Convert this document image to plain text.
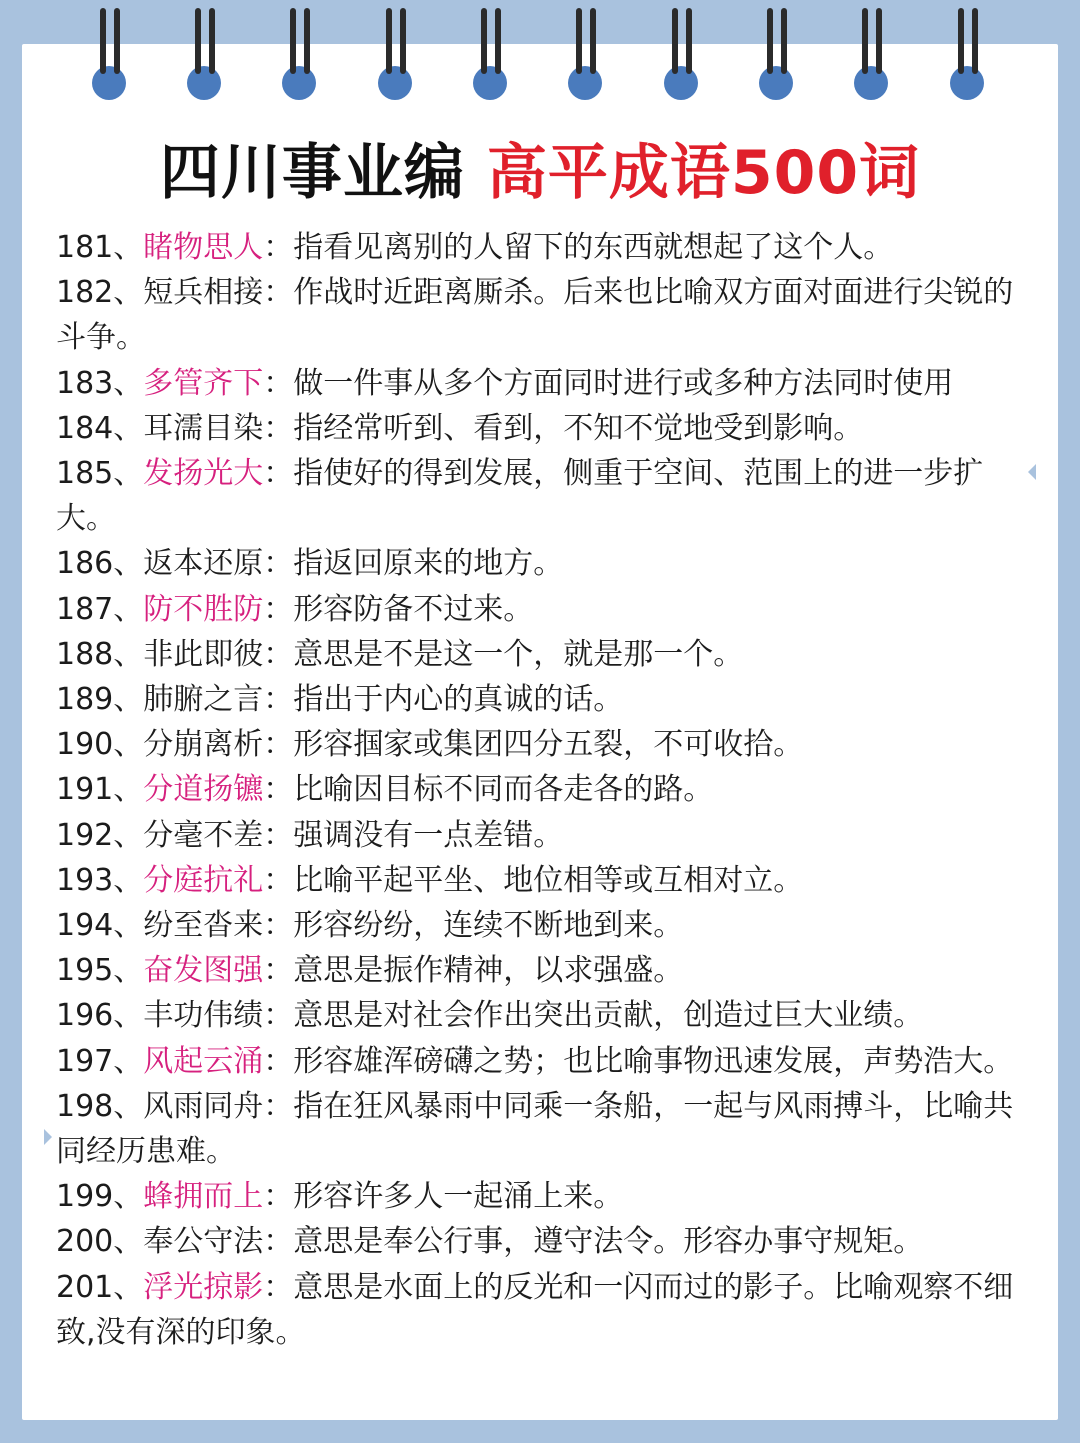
四川事业编 高平成语500词

181、睹物思人：指看见离别的人留下的东西就想起了这个人。

182、短兵相接：作战时近距离厮杀。后来也比喻双方面对面进行尖锐的斗争。

183、多管齐下：做一件事从多个方面同时进行或多种方法同时使用

184、耳濡目染：指经常听到、看到，不知不觉地受到影响。

185、发扬光大：指使好的得到发展，侧重于空间、范围上的进一步扩大。

186、返本还原：指返回原来的地方。

187、防不胜防：形容防备不过来。

188、非此即彼：意思是不是这一个，就是那一个。

189、肺腑之言：指出于内心的真诚的话。

190、分崩离析：形容掴家或集团四分五裂，不可收拾。

191、分道扬镳：比喻因目标不同而各走各的路。

192、分毫不差：强调没有一点差错。

193、分庭抗礼：比喻平起平坐、地位相等或互相对立。

194、纷至沓来：形容纷纷，连续不断地到来。

195、奋发图强：意思是振作精神，以求强盛。

196、丰功伟绩：意思是对社会作出突出贡献，创造过巨大业绩。

197、风起云涌：形容雄浑磅礴之势；也比喻事物迅速发展，声势浩大。

198、风雨同舟：指在狂风暴雨中同乘一条船，一起与风雨搏斗，比喻共同经历患难。

199、蜂拥而上：形容许多人一起涌上来。

200、奉公守法：意思是奉公行事，遵守法令。形容办事守规矩。

201、浮光掠影：意思是水面上的反光和一闪而过的影子。比喻观察不细致,没有深的印象。
